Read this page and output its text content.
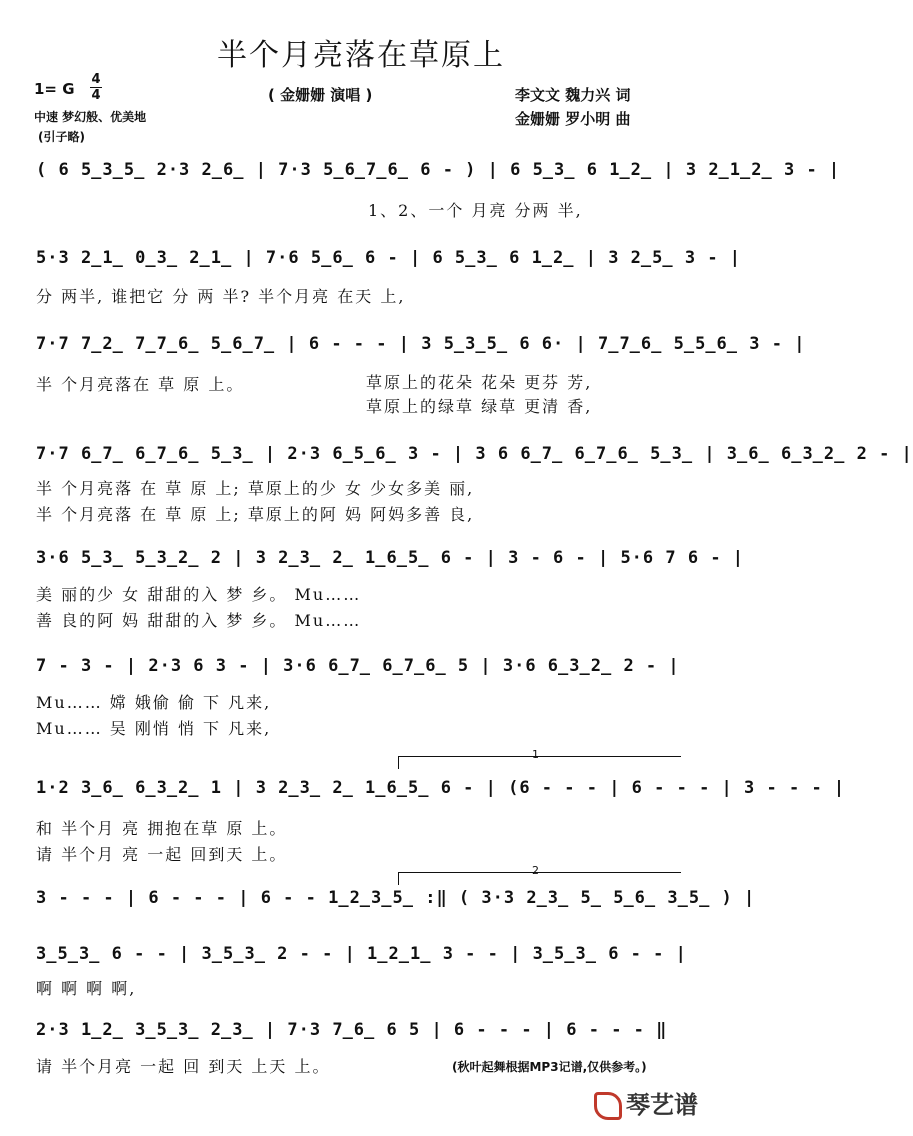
半个月亮落在草原上
1= G
4
4	( 金姗姗 演唱 )	李文文 魏力兴 词
金姗姗 罗小明 曲
中速 梦幻般、优美地
(引子略)
( 6 5̲3̲5̲ 2·3 2̲6̲ | 7·3 5̲6̲7̲6̲ 6 - ) | 6 5̲3̲ 6 1̲2̲ | 3 2̲1̲2̲ 3 - |
1、2、一个 月亮 分两 半,
5·3 2̲1̲ 0̲3̲ 2̲1̲ | 7·6 5̲6̲ 6 - | 6 5̲3̲ 6 1̲2̲ | 3 2̲5̲ 3 - |
分 两半, 谁把它 分 两 半? 半个月亮 在天 上,
7·7 7̲2̲ 7̲7̲6̲ 5̲6̲7̲ | 6 - - - | 3 5̲3̲5̲ 6 6· | 7̲7̲6̲ 5̲5̲6̲ 3 - |
半 个月亮落在 草 原 上。	草原上的花朵 花朵 更芬 芳,
草原上的绿草 绿草 更清 香,
7·7 6̲7̲ 6̲7̲6̲ 5̲3̲ | 2·3 6̲5̲6̲ 3 - | 3 6 6̲7̲ 6̲7̲6̲ 5̲3̲ | 3̲6̲ 6̲3̲2̲ 2 - |
半 个月亮落 在 草 原 上; 草原上的少 女 少女多美 丽,
半 个月亮落 在 草 原 上; 草原上的阿 妈 阿妈多善 良,
3·6 5̲3̲ 5̲3̲2̲ 2 | 3 2̲3̲ 2̲ 1̲6̲5̲ 6 - | 3 - 6 - | 5·6 7 6 - |
美 丽的少 女 甜甜的入 梦 乡。 Mu……
善 良的阿 妈 甜甜的入 梦 乡。 Mu……
7 - 3 - | 2·3 6 3 - | 3·6 6̲7̲ 6̲7̲6̲ 5 | 3·6 6̲3̲2̲ 2 - |
Mu…… 嫦 娥偷 偷 下 凡来,
Mu…… 吴 刚悄 悄 下 凡来,
1
1·2 3̲6̲ 6̲3̲2̲ 1 | 3 2̲3̲ 2̲ 1̲6̲5̲ 6 - | (6 - - - | 6 - - - | 3 - - - |
和 半个月 亮 拥抱在草 原 上。
请 半个月 亮 一起 回到天 上。
2
3 - - - | 6 - - - | 6 - - 1̲2̲3̲5̲ :‖ ( 3·3 2̲3̲ 5̲ 5̲6̲ 3̲5̲ ) |
3̲5̲3̲ 6 - - | 3̲5̲3̲ 2 - - | 1̲2̲1̲ 3 - - | 3̲5̲3̲ 6 - - |
啊 啊 啊 啊,
2·3 1̲2̲ 3̲5̲3̲ 2̲3̲ | 7·3 7̲6̲ 6 5 | 6 - - - | 6 - - - ‖
请 半个月亮 一起 回 到天 上天 上。	(秋叶起舞根据MP3记谱,仅供参考。)
琴艺谱
